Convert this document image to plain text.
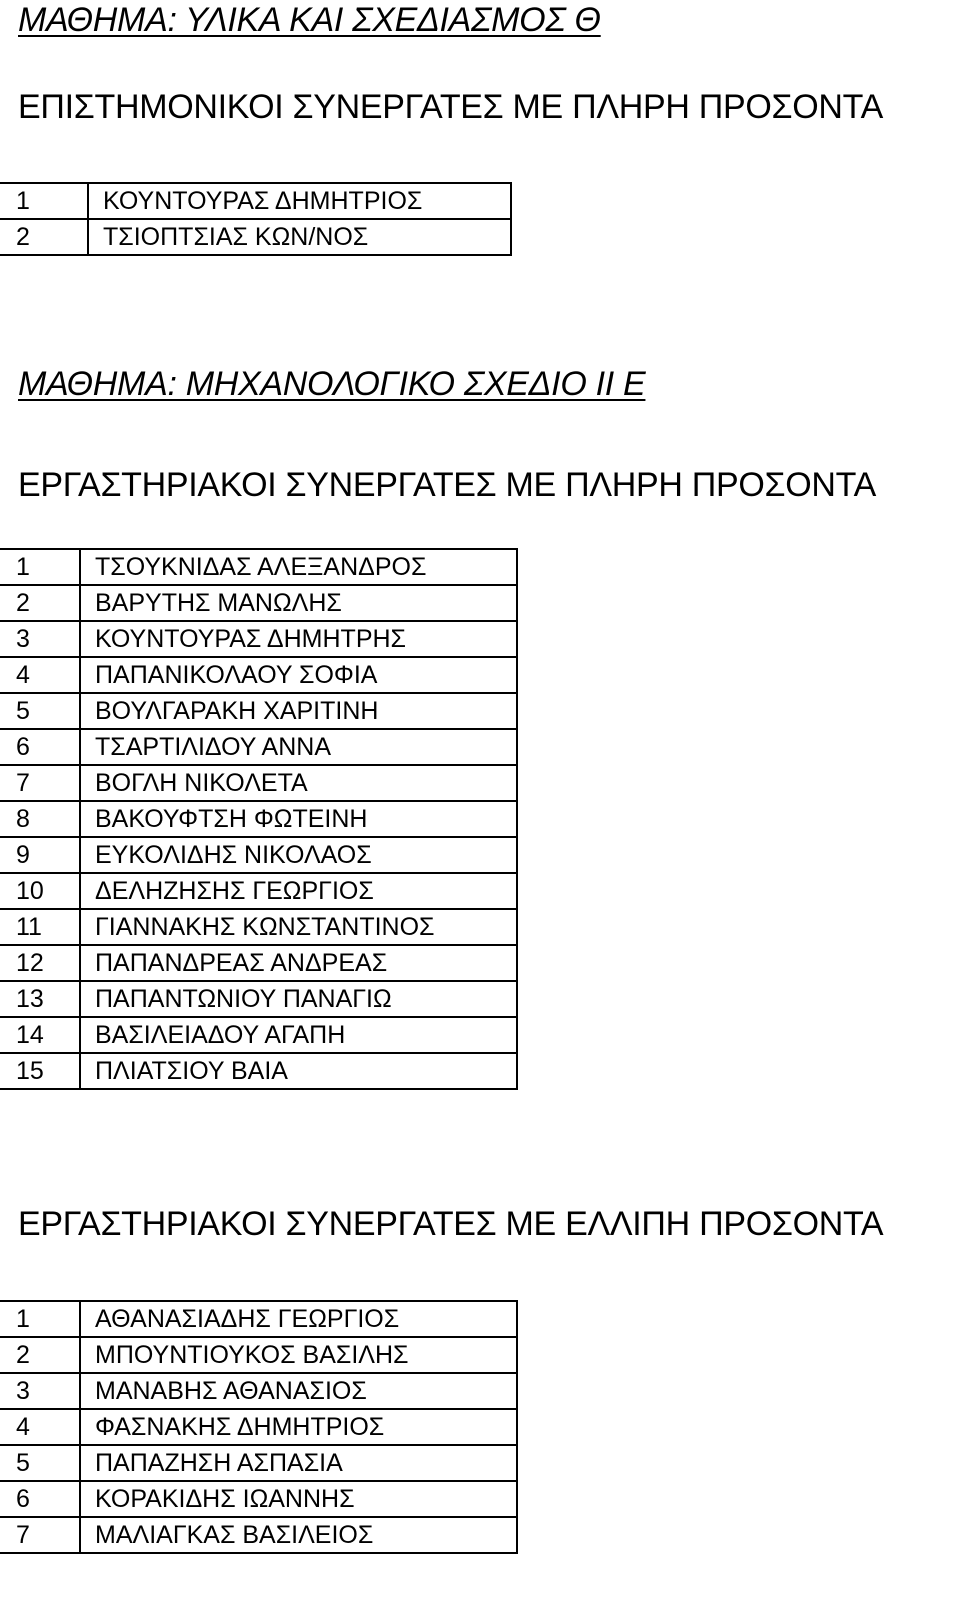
ΜΑΘΗΜΑ: ΥΛΙΚΑ ΚΑΙ ΣΧΕΔΙΑΣΜΟΣ Θ
ΕΠΙΣΤΗΜΟΝΙΚΟΙ ΣΥΝΕΡΓΑΤΕΣ ΜΕ ΠΛΗΡΗ ΠΡΟΣΟΝΤΑ
1	ΚΟΥΝΤΟΥΡΑΣ ΔΗΜΗΤΡΙΟΣ
2	ΤΣΙΟΠΤΣΙΑΣ ΚΩΝ/ΝΟΣ
ΜΑΘΗΜΑ: ΜΗΧΑΝΟΛΟΓΙΚΟ ΣΧΕΔΙΟ ΙΙ Ε
ΕΡΓΑΣΤΗΡΙΑΚΟΙ ΣΥΝΕΡΓΑΤΕΣ ΜΕ ΠΛΗΡΗ ΠΡΟΣΟΝΤΑ
1	ΤΣΟΥΚΝΙΔΑΣ ΑΛΕΞΑΝΔΡΟΣ
2	ΒΑΡΥΤΗΣ ΜΑΝΩΛΗΣ
3	ΚΟΥΝΤΟΥΡΑΣ ΔΗΜΗΤΡΗΣ
4	ΠΑΠΑΝΙΚΟΛΑΟΥ ΣΟΦΙΑ
5	ΒΟΥΛΓΑΡΑΚΗ ΧΑΡΙΤΙΝΗ
6	ΤΣΑΡΤΙΛΙΔΟΥ ΑΝΝΑ
7	ΒΟΓΛΗ ΝΙΚΟΛΕΤΑ
8	ΒΑΚΟΥΦΤΣΗ ΦΩΤΕΙΝΗ
9	ΕΥΚΟΛΙΔΗΣ ΝΙΚΟΛΑΟΣ
10	ΔΕΛΗΖΗΣΗΣ ΓΕΩΡΓΙΟΣ
11	ΓΙΑΝΝΑΚΗΣ ΚΩΝΣΤΑΝΤΙΝΟΣ
12	ΠΑΠΑΝΔΡΕΑΣ ΑΝΔΡΕΑΣ
13	ΠΑΠΑΝΤΩΝΙΟΥ ΠΑΝΑΓΙΩ
14	ΒΑΣΙΛΕΙΑΔΟΥ ΑΓΑΠΗ
15	ΠΛΙΑΤΣΙΟΥ ΒΑΙΑ
ΕΡΓΑΣΤΗΡΙΑΚΟΙ ΣΥΝΕΡΓΑΤΕΣ ΜΕ ΕΛΛΙΠΗ ΠΡΟΣΟΝΤΑ
1	ΑΘΑΝΑΣΙΑΔΗΣ ΓΕΩΡΓΙΟΣ
2	ΜΠΟΥΝΤΙΟΥΚΟΣ ΒΑΣΙΛΗΣ
3	ΜΑΝΑΒΗΣ ΑΘΑΝΑΣΙΟΣ
4	ΦΑΣΝΑΚΗΣ ΔΗΜΗΤΡΙΟΣ
5	ΠΑΠΑΖΗΣΗ ΑΣΠΑΣΙΑ
6	ΚΟΡΑΚΙΔΗΣ ΙΩΑΝΝΗΣ
7	ΜΑΛΙΑΓΚΑΣ ΒΑΣΙΛΕΙΟΣ
